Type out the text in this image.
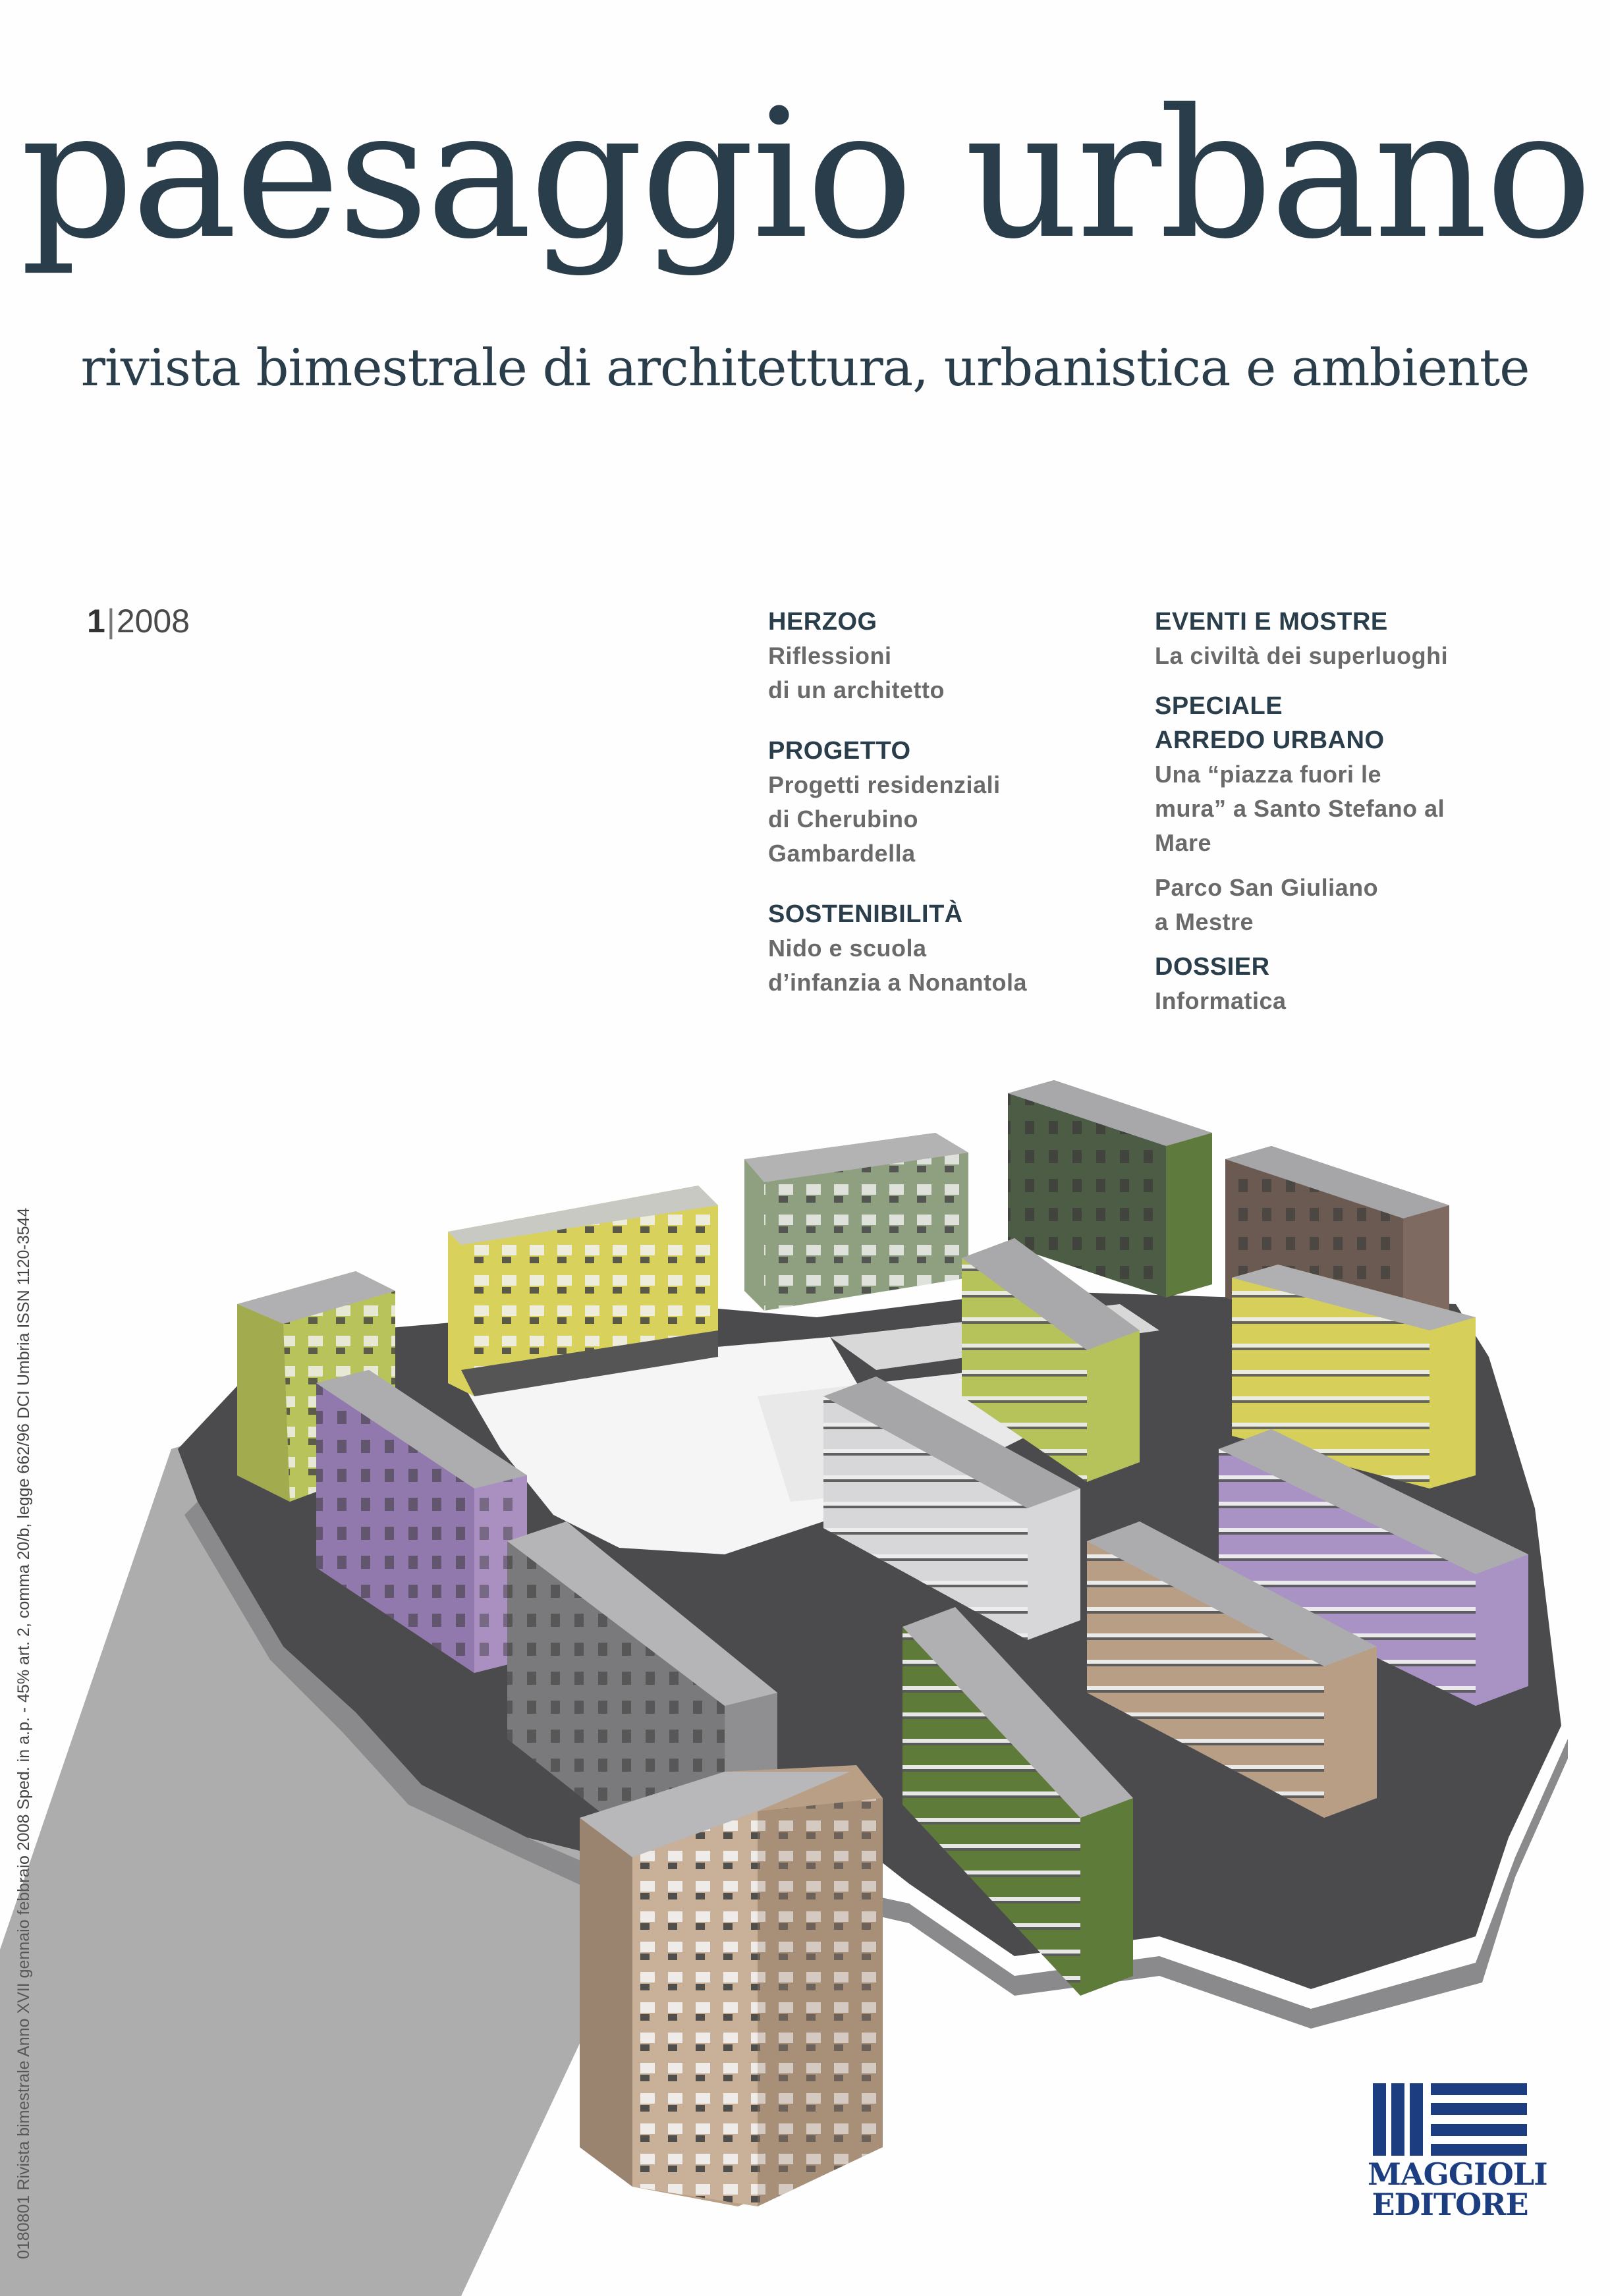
paesaggio urbano
rivista bimestrale di architettura, urbanistica e ambiente
1|2008	HERZOG
Riflessioni
di un architetto
PROGETTO
Progetti residenziali
di Cherubino
Gambardella
SOSTENIBILITÀ
Nido e scuola
d’infanzia a Nonantola
EVENTI E MOSTRE
La civiltà dei superluoghi
SPECIALE
ARREDO URBANO
Una “piazza fuori le
mura” a Santo Stefano al
Mare
Parco San Giuliano
a Mestre
DOSSIER
Informatica
0180801 Rivista bimestrale Anno XVII gennaio febbraio 2008 Sped. in a.p. - 45% art. 2, comma 20/b, legge 662/96 DCI Umbria ISSN 1120-3544	MAGGIOLI
EDITORE
